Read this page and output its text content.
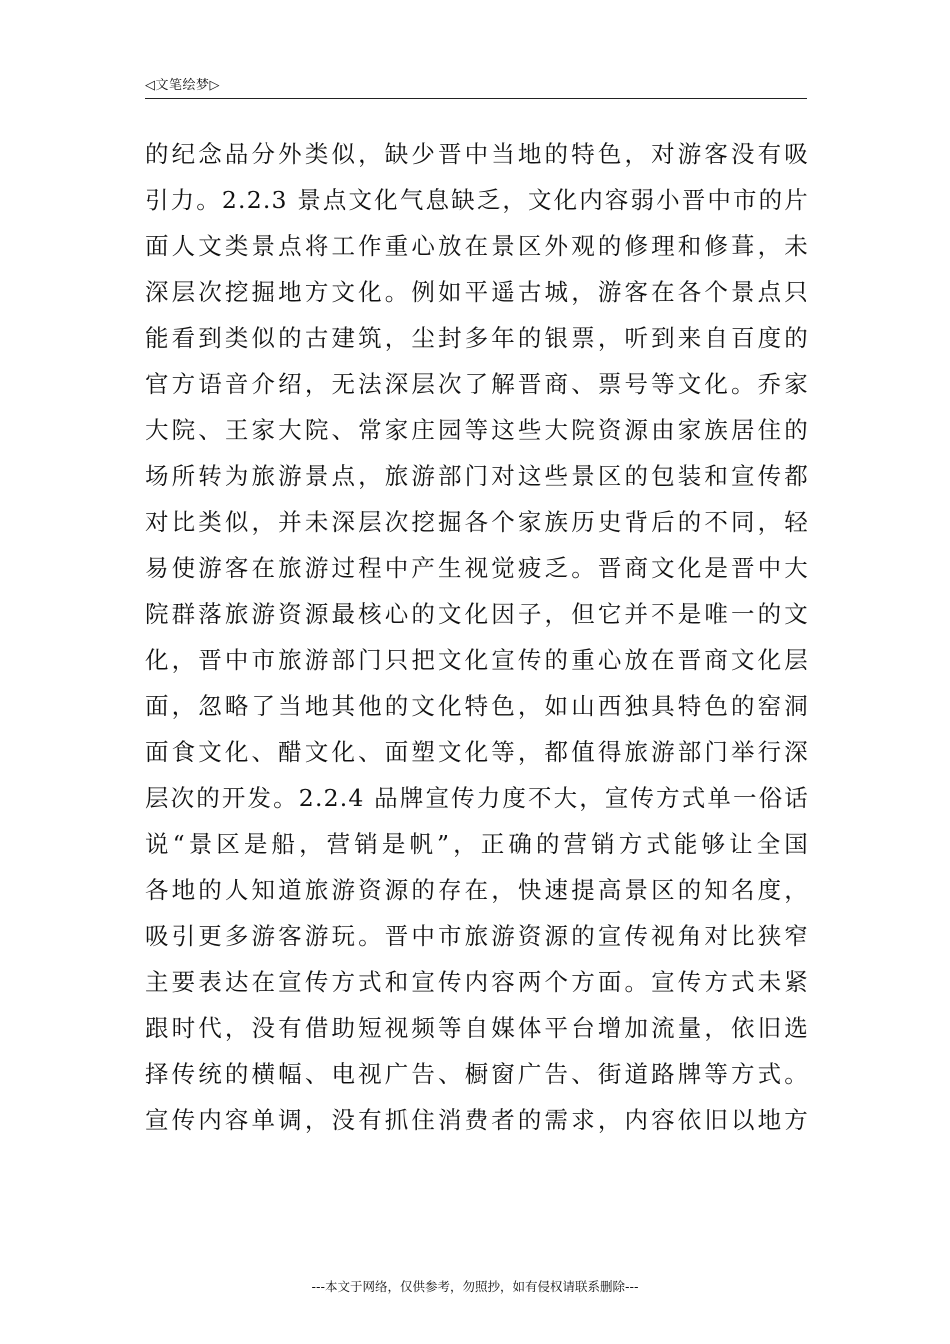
◁文笔绘梦▷
的纪念品分外类似，缺少晋中当地的特色，对游客没有吸
引力。2.2.3 景点文化气息缺乏，文化内容弱小晋中市的片
面人文类景点将工作重心放在景区外观的修理和修葺，未
深层次挖掘地方文化。例如平遥古城，游客在各个景点只
能看到类似的古建筑，尘封多年的银票，听到来自百度的
官方语音介绍，无法深层次了解晋商、票号等文化。乔家
大院、王家大院、常家庄园等这些大院资源由家族居住的
场所转为旅游景点，旅游部门对这些景区的包装和宣传都
对比类似，并未深层次挖掘各个家族历史背后的不同，轻
易使游客在旅游过程中产生视觉疲乏。晋商文化是晋中大
院群落旅游资源最核心的文化因子，但它并不是唯一的文
化，晋中市旅游部门只把文化宣传的重心放在晋商文化层
面，忽略了当地其他的文化特色，如山西独具特色的窑洞
面食文化、醋文化、面塑文化等，都值得旅游部门举行深
层次的开发。2.2.4 品牌宣传力度不大，宣传方式单一俗话
说“景区是船，营销是帆”，正确的营销方式能够让全国
各地的人知道旅游资源的存在，快速提高景区的知名度，
吸引更多游客游玩。晋中市旅游资源的宣传视角对比狭窄
主要表达在宣传方式和宣传内容两个方面。宣传方式未紧
跟时代，没有借助短视频等自媒体平台增加流量，依旧选
择传统的横幅、电视广告、橱窗广告、街道路牌等方式。
宣传内容单调，没有抓住消费者的需求，内容依旧以地方
---本文于网络，仅供参考，勿照抄，如有侵权请联系删除---
